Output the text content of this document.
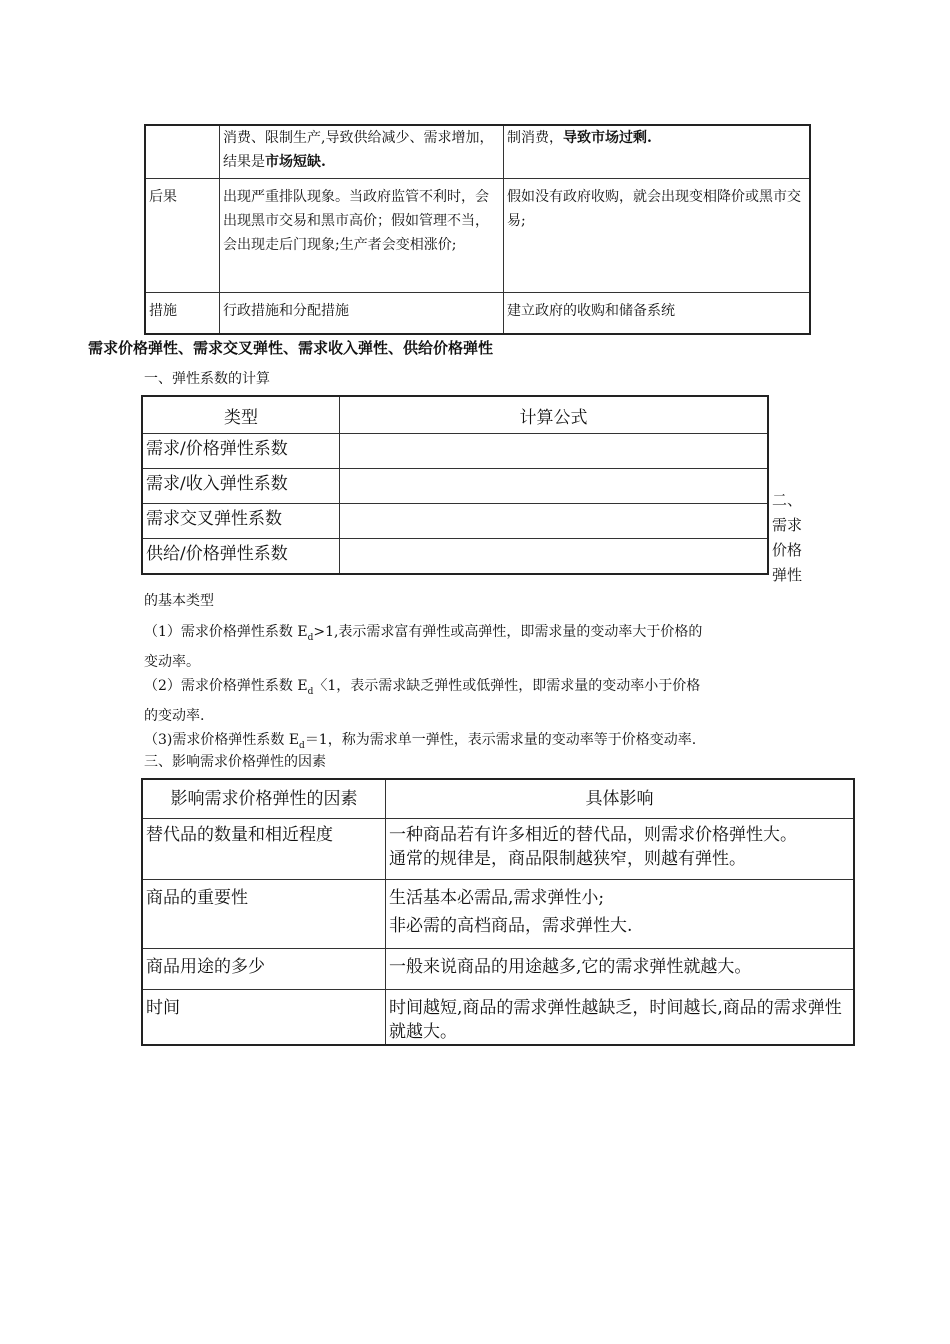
	消费、限制生产,导致供给减少、需求增加，结果是市场短缺.	制消费，导致市场过剩.
后果	出现严重排队现象。当政府监管不利时，会出现黑市交易和黑市高价；假如管理不当，会出现走后门现象;生产者会变相涨价;	假如没有政府收购，就会出现变相降价或黑市交易;
措施	行政措施和分配措施	建立政府的收购和储备系统
需求价格弹性、需求交叉弹性、需求收入弹性、供给价格弹性
一、弹性系数的计算
类型	计算公式
需求/价格弹性系数	
需求/收入弹性系数	
需求交叉弹性系数	
供给/价格弹性系数	
二、
需求
价格
弹性
的基本类型
（1）需求价格弹性系数 $E_d>1$,表示需求富有弹性或高弹性，即需求量的变动率大于价格的
变动率。
（2）需求价格弹性系数 $E_d$〈1，表示需求缺乏弹性或低弹性，即需求量的变动率小于价格
的变动率.
（3)需求价格弹性系数 $E_d=1$，称为需求单一弹性，表示需求量的变动率等于价格变动率.
三、影响需求价格弹性的因素
影响需求价格弹性的因素	具体影响
替代品的数量和相近程度	一种商品若有许多相近的替代品，则需求价格弹性大。
通常的规律是，商品限制越狭窄，则越有弹性。

商品的重要性	生活基本必需品,需求弹性小;
非必需的高档商品，需求弹性大.

商品用途的多少	一般来说商品的用途越多,它的需求弹性就越大。
时间	时间越短,商品的需求弹性越缺乏，时间越长,商品的需求弹性就越大。
